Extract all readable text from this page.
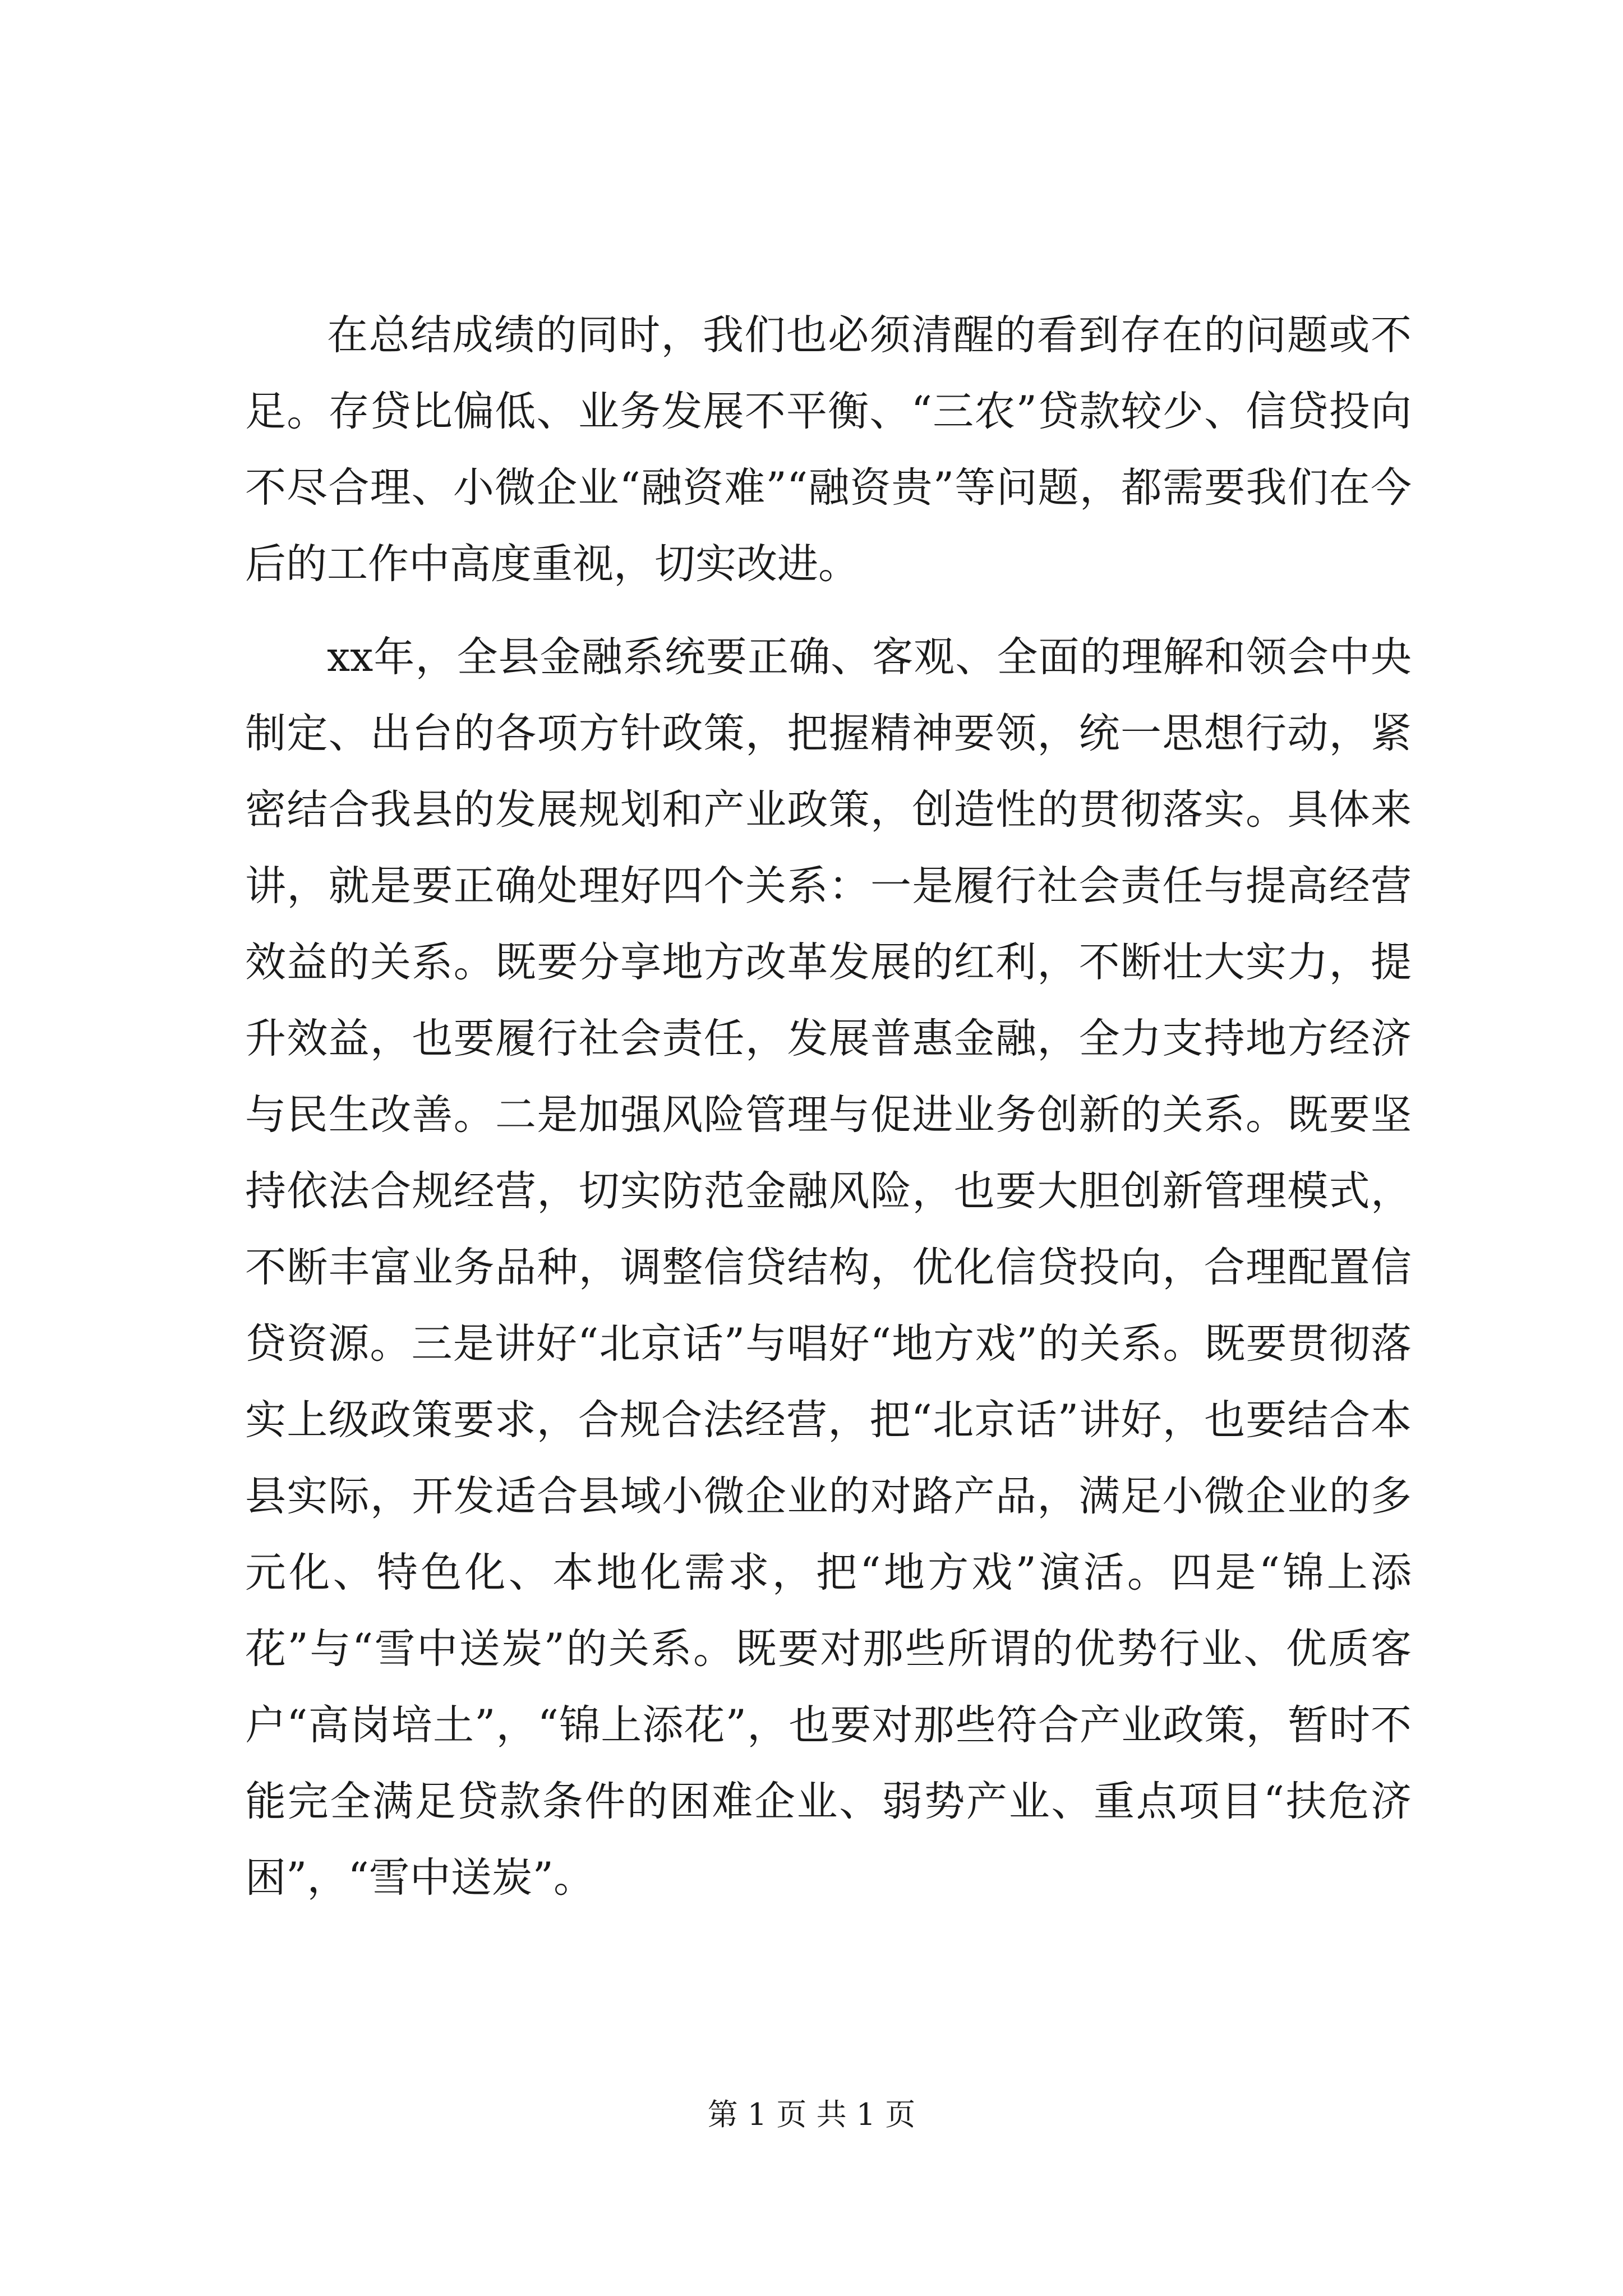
在总结成绩的同时，我们也必须清醒的看到存在的问题或不足。存贷比偏低、业务发展不平衡、“三农”贷款较少、信贷投向不尽合理、小微企业“融资难”“融资贵”等问题，都需要我们在今后的工作中高度重视，切实改进。

xx年，全县金融系统要正确、客观、全面的理解和领会中央制定、出台的各项方针政策，把握精神要领，统一思想行动，紧密结合我县的发展规划和产业政策，创造性的贯彻落实。具体来讲，就是要正确处理好四个关系：一是履行社会责任与提高经营效益的关系。既要分享地方改革发展的红利，不断壮大实力，提升效益，也要履行社会责任，发展普惠金融，全力支持地方经济与民生改善。二是加强风险管理与促进业务创新的关系。既要坚持依法合规经营，切实防范金融风险，也要大胆创新管理模式，不断丰富业务品种，调整信贷结构，优化信贷投向，合理配置信贷资源。三是讲好“北京话”与唱好“地方戏”的关系。既要贯彻落实上级政策要求，合规合法经营，把“北京话”讲好，也要结合本县实际，开发适合县域小微企业的对路产品，满足小微企业的多元化、特色化、本地化需求，把“地方戏”演活。四是“锦上添花”与“雪中送炭”的关系。既要对那些所谓的优势行业、优质客户“高岗培土”，“锦上添花”，也要对那些符合产业政策，暂时不能完全满足贷款条件的困难企业、弱势产业、重点项目“扶危济困”，“雪中送炭”。

第 1 页 共 1 页
